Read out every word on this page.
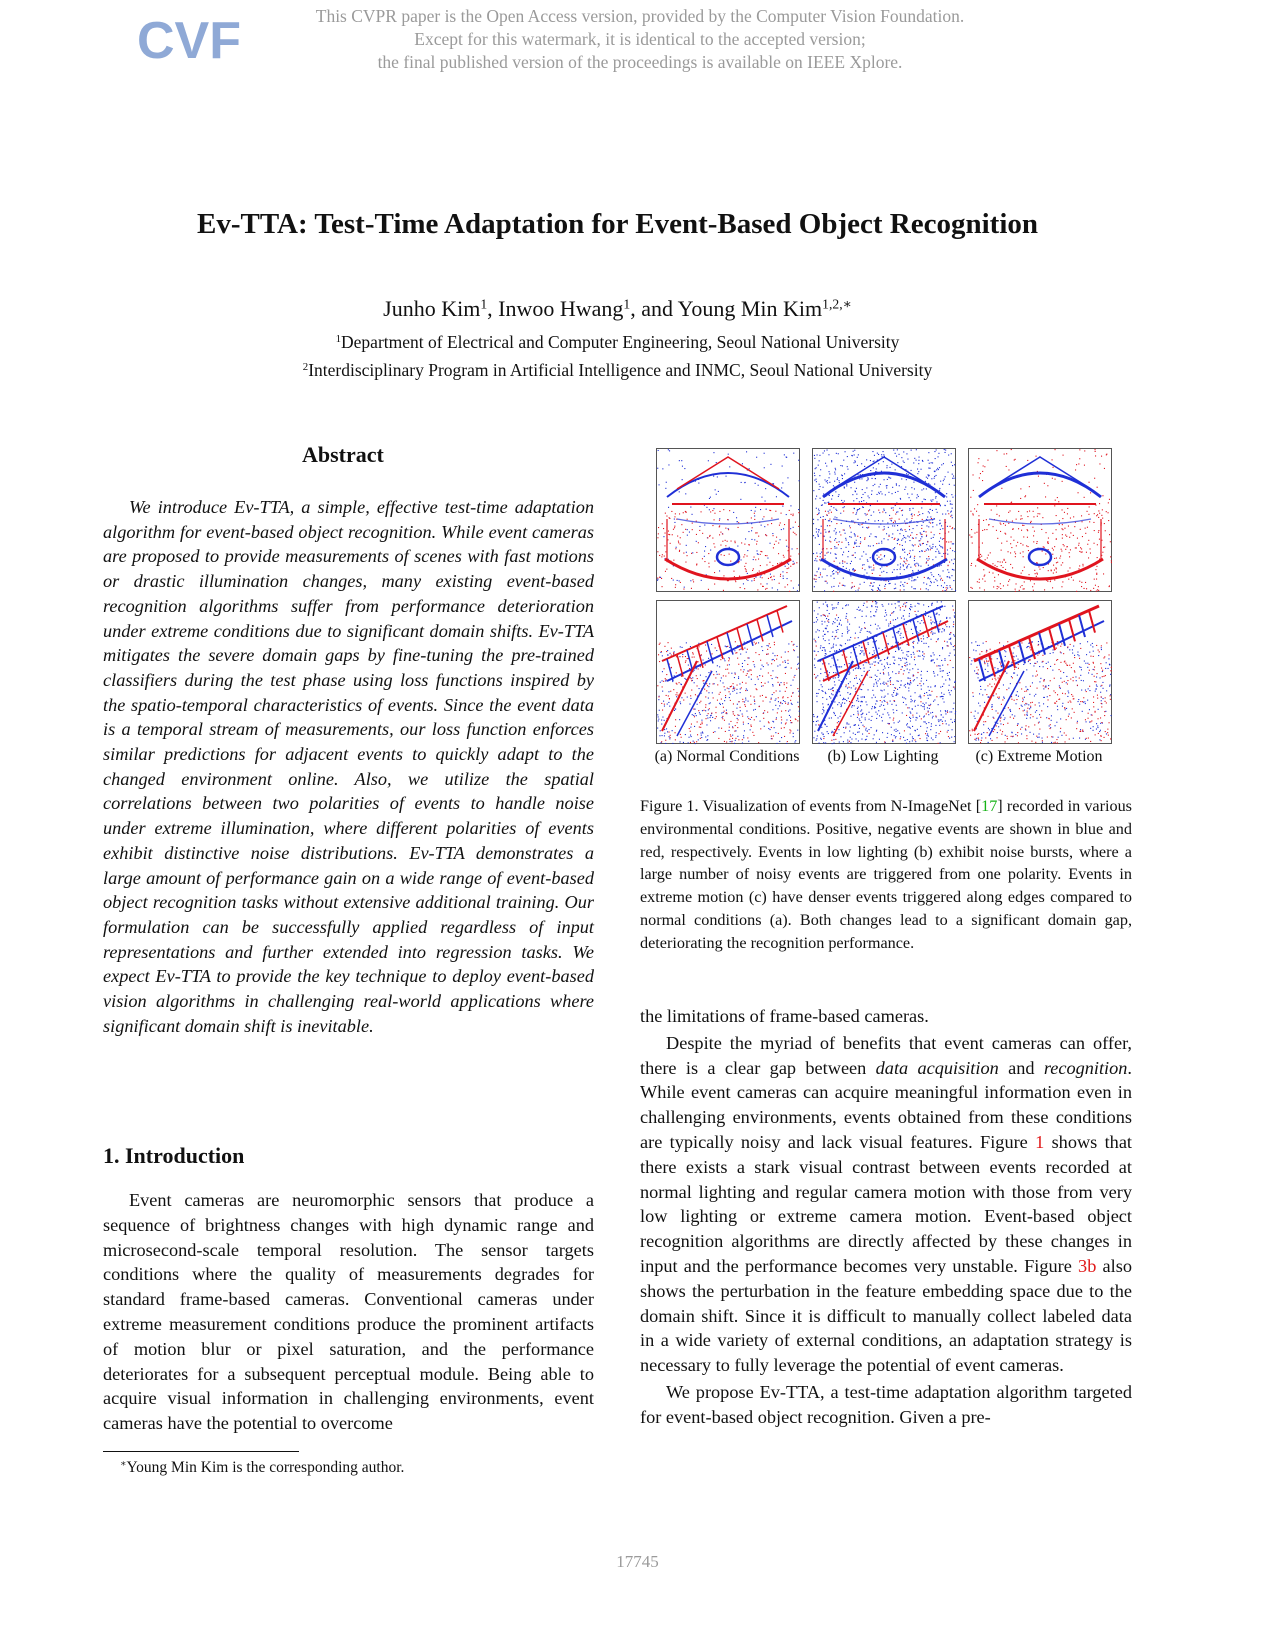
CVF	This CVPR paper is the Open Access version, provided by the Computer Vision Foundation.
Except for this watermark, it is identical to the accepted version;
the final published version of the proceedings is available on IEEE Xplore.
Ev-TTA: Test-Time Adaptation for Event-Based Object Recognition
Junho Kim$^1$, Inwoo Hwang$^1$, and Young Min Kim$^{1,2,∗}$
$^1$Department of Electrical and Computer Engineering, Seoul National University
$^2$Interdisciplinary Program in Artificial Intelligence and INMC, Seoul National University
Abstract

We introduce Ev-TTA, a simple, effective test-time adaptation algorithm for event-based object recognition. While event cameras are proposed to provide measurements of scenes with fast motions or drastic illumination changes, many existing event-based recognition algorithms suffer from performance deterioration under extreme conditions due to significant domain shifts. Ev-TTA mitigates the severe domain gaps by fine-tuning the pre-trained classifiers during the test phase using loss functions inspired by the spatio-temporal characteristics of events. Since the event data is a temporal stream of measurements, our loss function enforces similar predictions for adjacent events to quickly adapt to the changed environment online. Also, we utilize the spatial correlations between two polarities of events to handle noise under extreme illumination, where different polarities of events exhibit distinctive noise distributions. Ev-TTA demonstrates a large amount of performance gain on a wide range of event-based object recognition tasks without extensive additional training. Our formulation can be successfully applied regardless of input representations and further extended into regression tasks. We expect Ev-TTA to provide the key technique to deploy event-based vision algorithms in challenging real-world applications where significant domain shift is inevitable.

1. Introduction

Event cameras are neuromorphic sensors that produce a sequence of brightness changes with high dynamic range and microsecond-scale temporal resolution. The sensor targets conditions where the quality of measurements degrades for standard frame-based cameras. Conventional cameras under extreme measurement conditions produce the prominent artifacts of motion blur or pixel saturation, and the performance deteriorates for a subsequent perceptual module. Being able to acquire visual information in challenging environments, event cameras have the potential to overcome

∗Young Min Kim is the corresponding author.
(a) Normal Conditions	(b) Low Lighting	(c) Extreme Motion

Figure 1. Visualization of events from N-ImageNet [17] recorded in various environmental conditions. Positive, negative events are shown in blue and red, respectively. Events in low lighting (b) exhibit noise bursts, where a large number of noisy events are triggered from one polarity. Events in extreme motion (c) have denser events triggered along edges compared to normal conditions (a). Both changes lead to a significant domain gap, deteriorating the recognition performance.

the limitations of frame-based cameras.

Despite the myriad of benefits that event cameras can offer, there is a clear gap between data acquisition and recognition. While event cameras can acquire meaningful information even in challenging environments, events obtained from these conditions are typically noisy and lack visual features. Figure 1 shows that there exists a stark visual contrast between events recorded at normal lighting and regular camera motion with those from very low lighting or extreme camera motion. Event-based object recognition algorithms are directly affected by these changes in input and the performance becomes very unstable. Figure 3b also shows the perturbation in the feature embedding space due to the domain shift. Since it is difficult to manually collect labeled data in a wide variety of external conditions, an adaptation strategy is necessary to fully leverage the potential of event cameras.

We propose Ev-TTA, a test-time adaptation algorithm targeted for event-based object recognition. Given a pre-

17745
